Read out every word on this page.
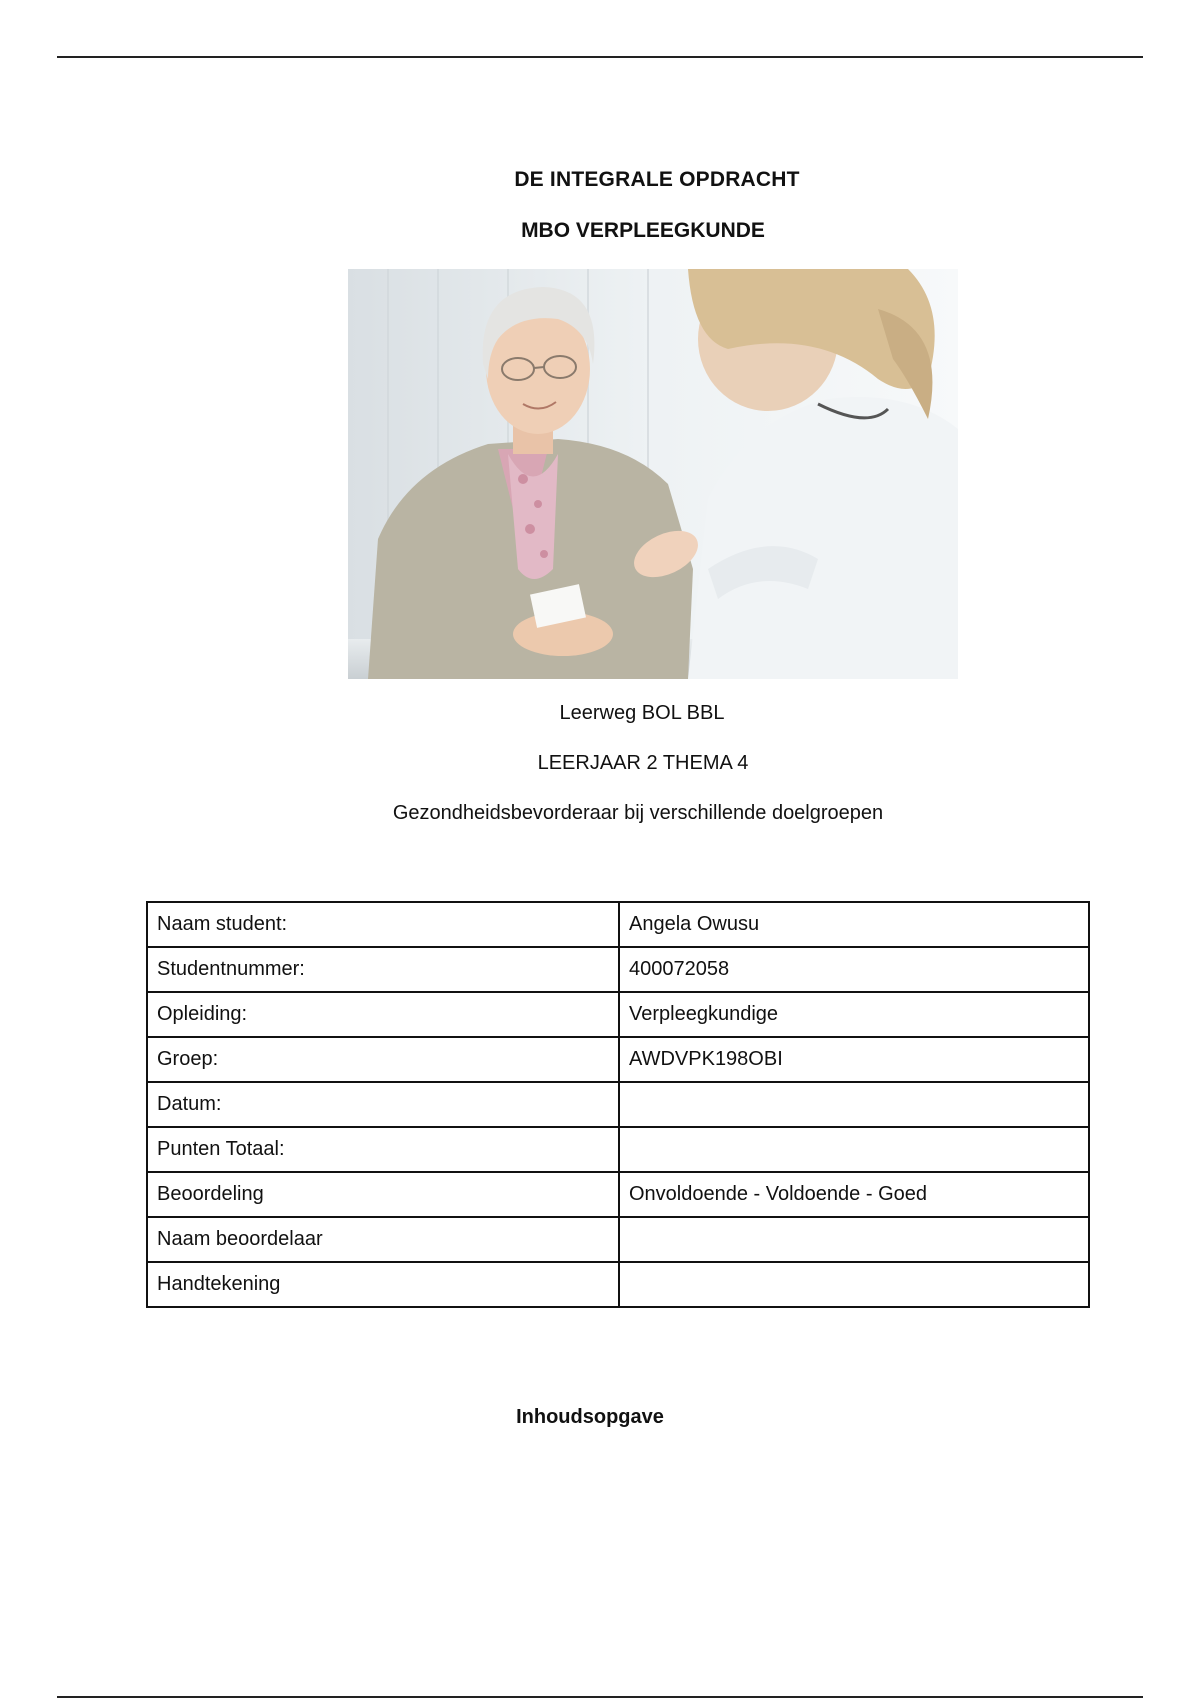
DE INTEGRALE OPDRACHT
MBO VERPLEEGKUNDE
Leerweg BOL BBL
LEERJAAR 2 THEMA 4
Gezondheidsbevorderaar bij verschillende doelgroepen
Naam student:	Angela Owusu
Studentnummer:	400072058
Opleiding:	Verpleegkundige
Groep:	AWDVPK198OBI
Datum:	
Punten Totaal:	
Beoordeling	Onvoldoende - Voldoende - Goed
Naam beoordelaar	
Handtekening	
Inhoudsopgave
